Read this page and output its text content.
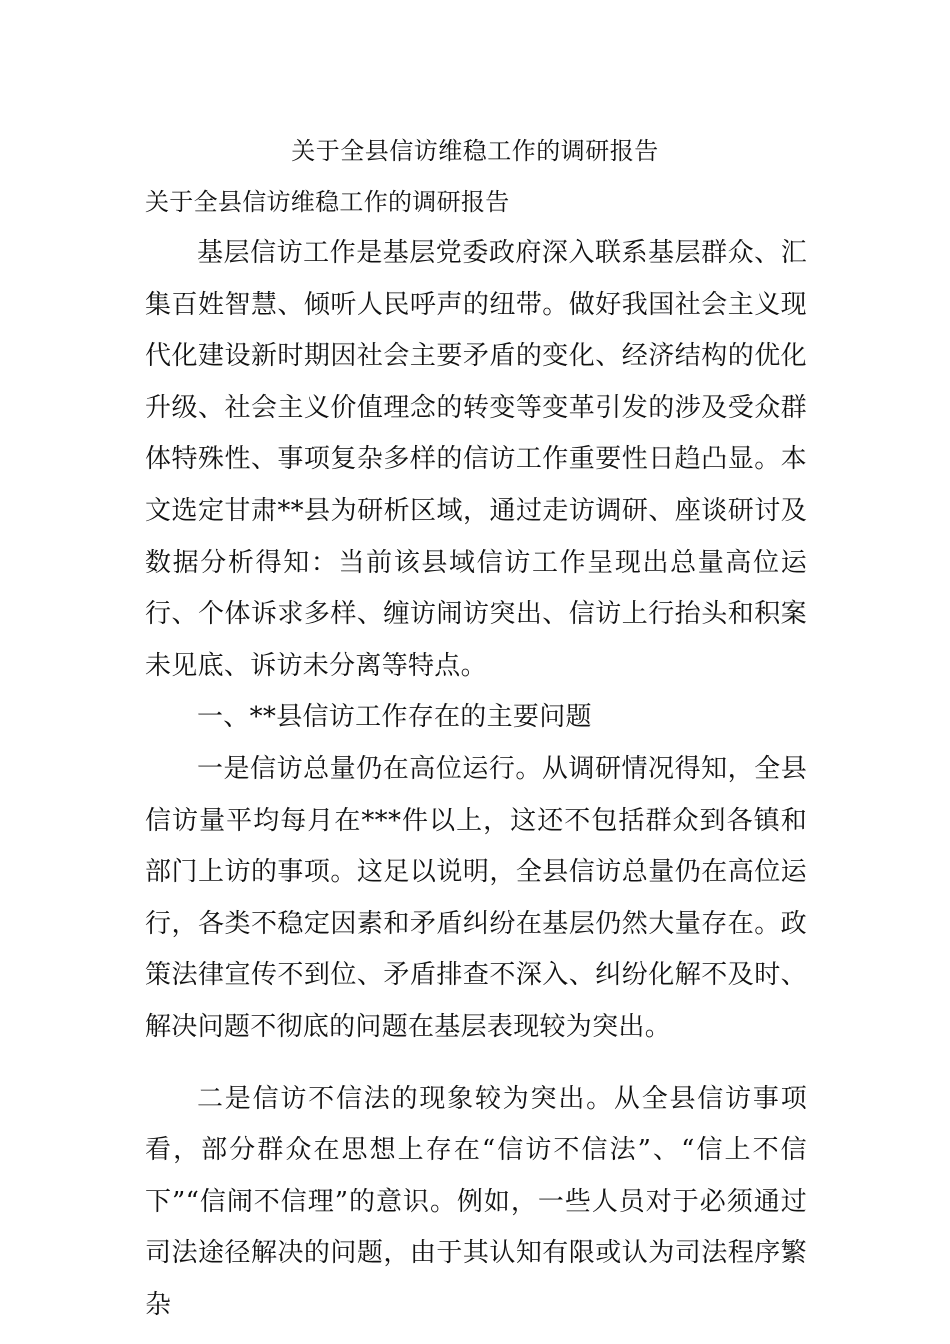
关于全县信访维稳工作的调研报告

关于全县信访维稳工作的调研报告

基层信访工作是基层党委政府深入联系基层群众、汇集百姓智慧、倾听人民呼声的纽带。做好我国社会主义现代化建设新时期因社会主要矛盾的变化、经济结构的优化升级、社会主义价值理念的转变等变革引发的涉及受众群体特殊性、事项复杂多样的信访工作重要性日趋凸显。本文选定甘肃**县为研析区域，通过走访调研、座谈研讨及数据分析得知：当前该县域信访工作呈现出总量高位运行、个体诉求多样、缠访闹访突出、信访上行抬头和积案未见底、诉访未分离等特点。

一、**县信访工作存在的主要问题

一是信访总量仍在高位运行。从调研情况得知，全县信访量平均每月在***件以上，这还不包括群众到各镇和部门上访的事项。这足以说明，全县信访总量仍在高位运行，各类不稳定因素和矛盾纠纷在基层仍然大量存在。政策法律宣传不到位、矛盾排查不深入、纠纷化解不及时、解决问题不彻底的问题在基层表现较为突出。

二是信访不信法的现象较为突出。从全县信访事项看，部分群众在思想上存在“信访不信法”、“信上不信下”“信闹不信理”的意识。例如，一些人员对于必须通过司法途径解决的问题，由于其认知有限或认为司法程序繁杂
